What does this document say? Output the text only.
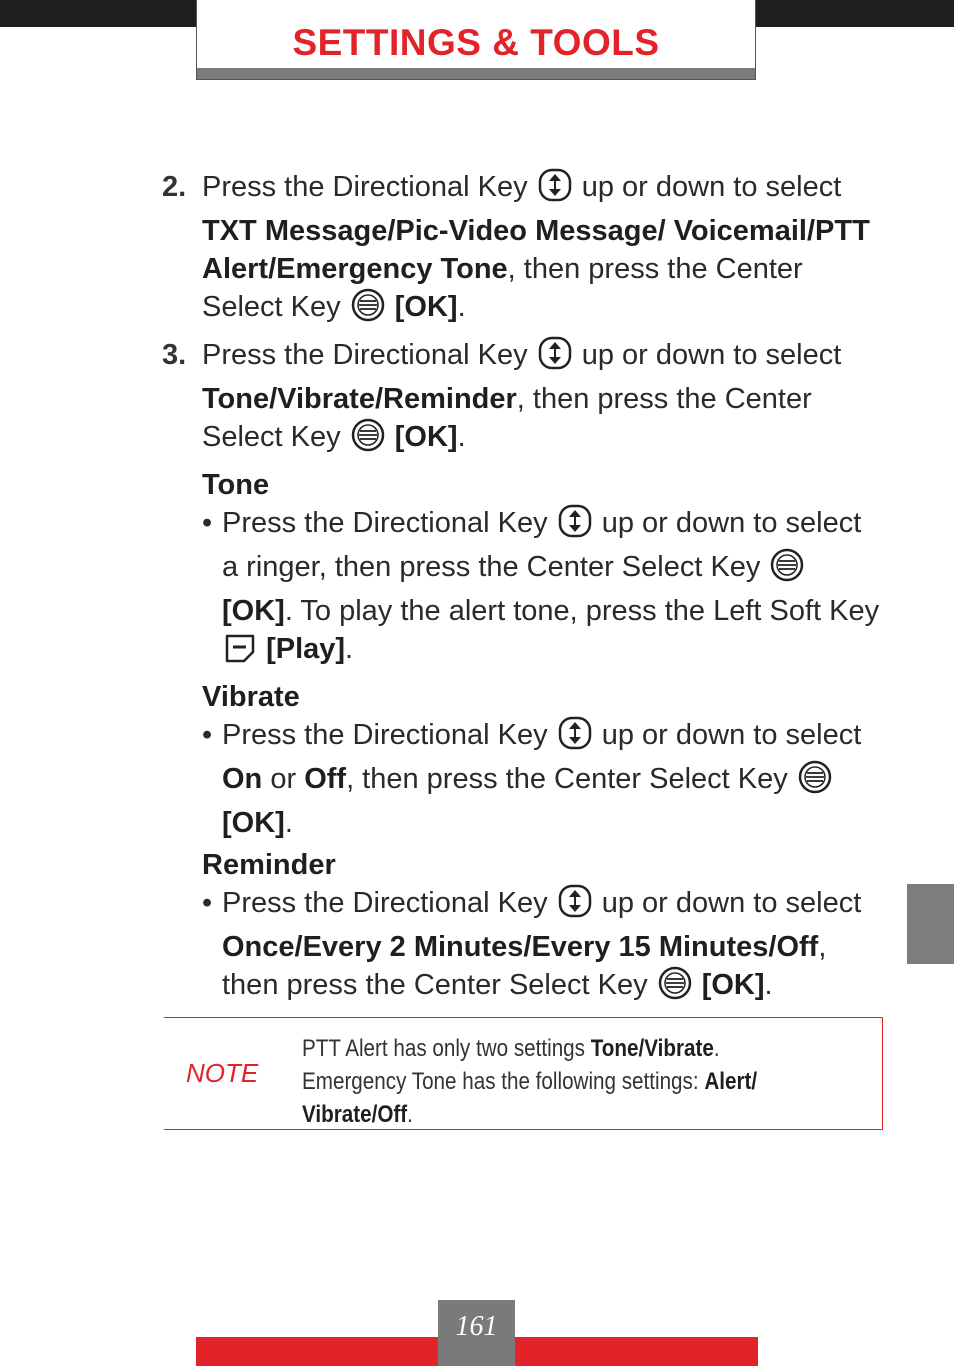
SETTINGS & TOOLS
2. Press the Directional Key  up or down to select TXT Message/Pic-Video Message/ Voicemail/PTT Alert/Emergency Tone, then press the Center Select Key [OK].
3. Press the Directional Key  up or down to select Tone/Vibrate/Reminder, then press the Center Select Key [OK].
Tone
• Press the Directional Key  up or down to select a ringer, then press the Center Select Key  [OK]. To play the alert tone, press the Left Soft Key  [Play].
Vibrate
• Press the Directional Key  up or down to select On or Off, then press the Center Select Key  [OK].
Reminder
• Press the Directional Key  up or down to select Once/Every 2 Minutes/Every 15 Minutes/Off, then press the Center Select Key [OK].
NOTE
PTT Alert has only two settings Tone/Vibrate.
Emergency Tone has the following settings: Alert/ Vibrate/Off.
161
